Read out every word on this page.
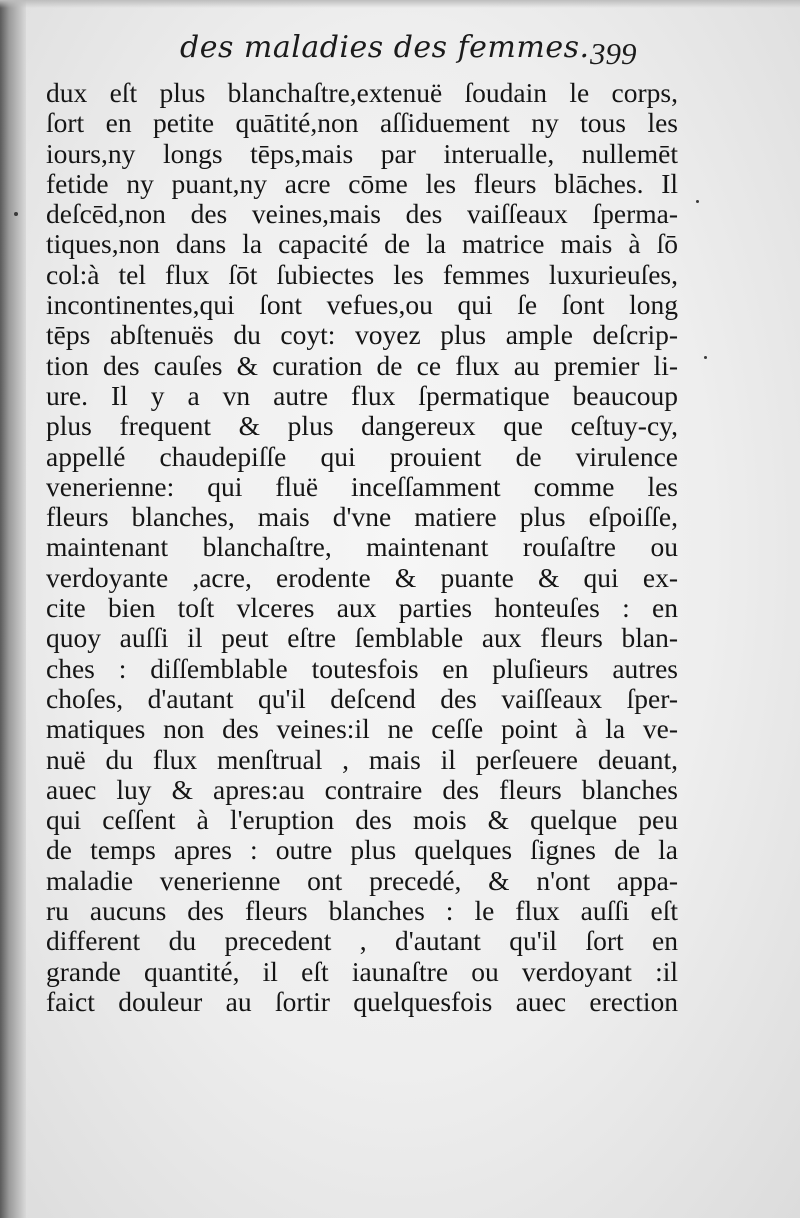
des maladies des femmes. 399
dux eſt plus blanchaſtre,extenuë ſoudain le corps,
ſort en petite quātité,non aſſiduement ny tous les
iours,ny longs tēps,mais par interualle, nullemēt
fetide ny puant,ny acre cōme les fleurs blāches. Il
deſcēd,non des veines,mais des vaiſſeaux ſperma-
tiques,non dans la capacité de la matrice mais à ſō
col:à tel flux ſōt ſubiectes les femmes luxurieuſes,
incontinentes,qui ſont vefues,ou qui ſe ſont long
tēps abſtenuës du coyt: voyez plus ample deſcrip-
tion des cauſes & curation de ce flux au premier li-
ure. Il y a vn autre flux ſpermatique beaucoup
plus frequent & plus dangereux que ceſtuy-cy,
appellé chaudepiſſe qui prouient de virulence
venerienne: qui fluë inceſſamment comme les
fleurs blanches, mais d'vne matiere plus eſpoiſſe,
maintenant blanchaſtre, maintenant rouſaſtre ou
verdoyante ,acre, erodente & puante & qui ex-
cite bien toſt vlceres aux parties honteuſes : en
quoy auſſi il peut eſtre ſemblable aux fleurs blan-
ches : diſſemblable toutesfois en pluſieurs autres
choſes, d'autant qu'il deſcend des vaiſſeaux ſper-
matiques non des veines:il ne ceſſe point à la ve-
nuë du flux menſtrual , mais il perſeuere deuant,
auec luy & apres:au contraire des fleurs blanches
qui ceſſent à l'eruption des mois & quelque peu
de temps apres : outre plus quelques ſignes de la
maladie venerienne ont precedé, & n'ont appa-
ru aucuns des fleurs blanches : le flux auſſi eſt
different du precedent , d'autant qu'il ſort en
grande quantité, il eſt iaunaſtre ou verdoyant :il
faict douleur au ſortir quelquesfois auec erection
